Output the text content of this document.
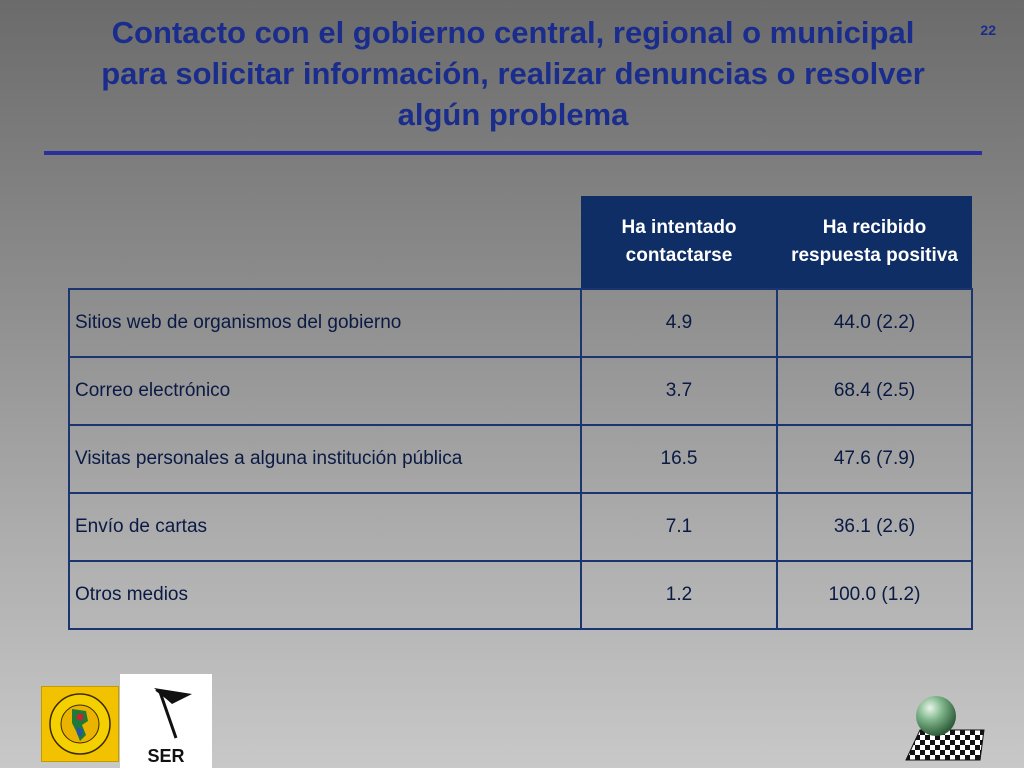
Contacto con el gobierno central, regional o municipal para solicitar información, realizar denuncias o resolver algún problema
22
	Ha intentado contactarse	Ha recibido respuesta positiva
Sitios web de organismos del gobierno	4.9	44.0 (2.2)
Correo electrónico	3.7	68.4 (2.5)
Visitas personales a alguna institución pública	16.5	47.6 (7.9)
Envío de cartas	7.1	36.1 (2.6)
Otros medios	1.2	100.0 (1.2)
SER
